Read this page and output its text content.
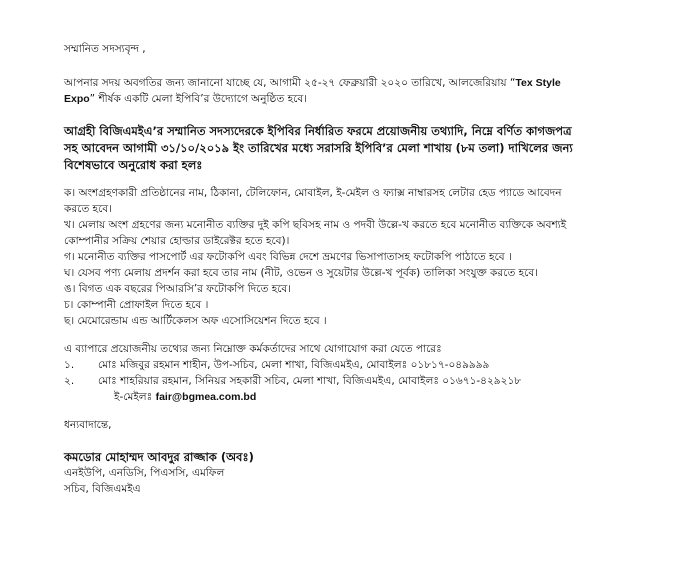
সম্মানিত সদস্যবৃন্দ ,
আপনার সদয় অবগতির জন্য জানানো যাচ্ছে যে, আগামী ২৫-২৭ ফেব্রুয়ারী ২০২০ তারিখে, আলজেরিয়ায় “Tex Style
Expo” শীর্ষক একটি মেলা ইপিবি’র উদ্যোগে অনুষ্ঠিত হবে।
আগ্রহী বিজিএমইএ’র সম্মানিত সদস্যদেরকে ইপিবির নির্ধারিত ফরমে প্রয়োজনীয় তথ্যাদি, নিম্নে বর্ণিত কাগজপত্র
সহ আবেদন আগামী ৩১/১০/২০১৯ ইং তারিখের মধ্যে সরাসরি ইপিবি’র মেলা শাখায় (৮ম তলা) দাখিলের জন্য
বিশেষভাবে অনুরোধ করা হলঃ
ক। অংশগ্রহণকারী প্রতিষ্ঠানের নাম, ঠিকানা, টেলিফোন, মোবাইল, ই-মেইল ও ফ্যাক্স নাম্বারসহ লেটার হেড প্যাডে আবেদন
করতে হবে।
খ। মেলায় অংশ গ্রহণের জন্য মনোনীত ব্যক্তির দুই কপি ছবিসহ নাম ও পদবী উল্লে-খ করতে হবে মনোনীত ব্যক্তিকে অবশ্যই
কোম্পানীর সক্রিয় শেয়ার হোল্ডার ডাইরেক্টর হতে হবে)।
গ। মনোনীত ব্যক্তির পাসপোর্ট এর ফটোকপি এবং বিভিন্ন দেশে ভ্রমণের ভিসাপাতাসহ ফটোকপি পাঠাতে হবে ।
ঘ। যেসব পণ্য মেলায় প্রদর্শন করা হবে তার নাম (নীট, ওভেন ও সুয়েটার উল্লে-খ পূর্বক) তালিকা সংযুক্ত করতে হবে।
ঙ। বিগত এক বছরের পিআরসি’র ফটোকপি দিতে হবে।
চ। কোম্পানী প্রোফাইল দিতে হবে ।
ছ। মেমোরেন্ডাম এন্ড আর্টিকেলস অফ এসোসিয়েশন দিতে হবে ।
এ ব্যাপারে প্রয়োজনীয় তথ্যের জন্য নিম্নোক্ত কর্মকর্তাদের সাথে যোগাযোগ করা যেতে পারেঃ
১. মোঃ মজিবুর রহমান শাহীন, উপ-সচিব, মেলা শাখা, বিজিএমইএ, মোবাইলঃ ০১৮১৭-০৪৯৯৯৯
২. মোঃ শাহরিয়ার রহমান, সিনিয়র সহকারী সচিব, মেলা শাখা, বিজিএমইএ, মোবাইলঃ ০১৬৭১-৪২৯২১৮
ই-মেইলঃ fair@bgmea.com.bd
ধন্যবাদান্তে,
কমডোর মোহাম্মদ আবদুর রাজ্জাক (অবঃ)
এনইউপি, এনডিসি, পিএসসি, এমফিল
সচিব, বিজিএমইএ
